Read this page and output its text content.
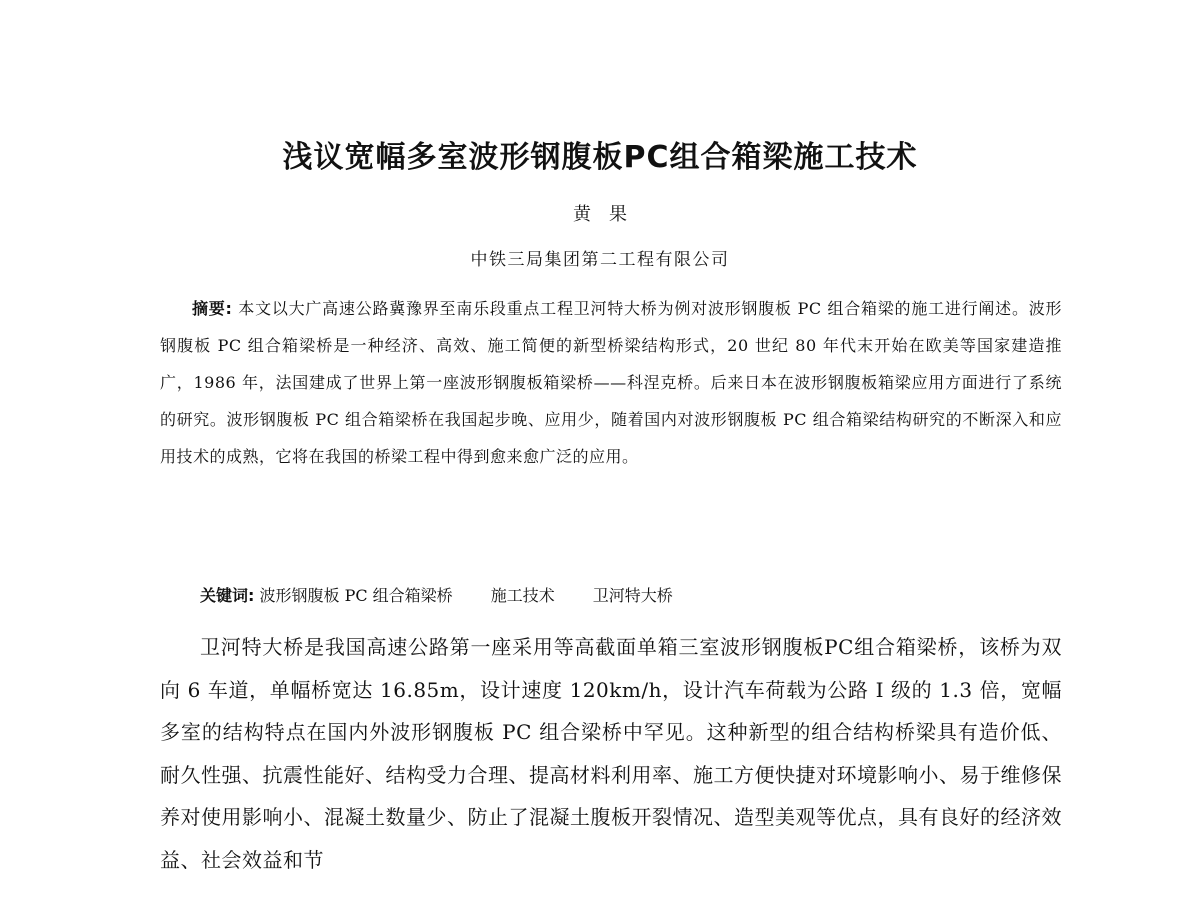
浅议宽幅多室波形钢腹板PC组合箱梁施工技术
黄果
中铁三局集团第二工程有限公司
摘要: 本文以大广高速公路冀豫界至南乐段重点工程卫河特大桥为例对波形钢腹板 PC 组合箱梁的施工进行阐述。波形钢腹板 PC 组合箱梁桥是一种经济、高效、施工简便的新型桥梁结构形式，20 世纪 80 年代末开始在欧美等国家建造推广，1986 年，法国建成了世界上第一座波形钢腹板箱梁桥——科涅克桥。后来日本在波形钢腹板箱梁应用方面进行了系统的研究。波形钢腹板 PC 组合箱梁桥在我国起步晚、应用少，随着国内对波形钢腹板 PC 组合箱梁结构研究的不断深入和应用技术的成熟，它将在我国的桥梁工程中得到愈来愈广泛的应用。
关键词: 波形钢腹板 PC 组合箱梁桥 施工技术 卫河特大桥
卫河特大桥是我国高速公路第一座采用等高截面单箱三室波形钢腹板PC组合箱梁桥，该桥为双向 6 车道，单幅桥宽达 16.85m，设计速度 120km/h，设计汽车荷载为公路 I 级的 1.3 倍，宽幅多室的结构特点在国内外波形钢腹板 PC 组合梁桥中罕见。这种新型的组合结构桥梁具有造价低、耐久性强、抗震性能好、结构受力合理、提高材料利用率、施工方便快捷对环境影响小、易于维修保养对使用影响小、混凝土数量少、防止了混凝土腹板开裂情况、造型美观等优点，具有良好的经济效益、社会效益和节
